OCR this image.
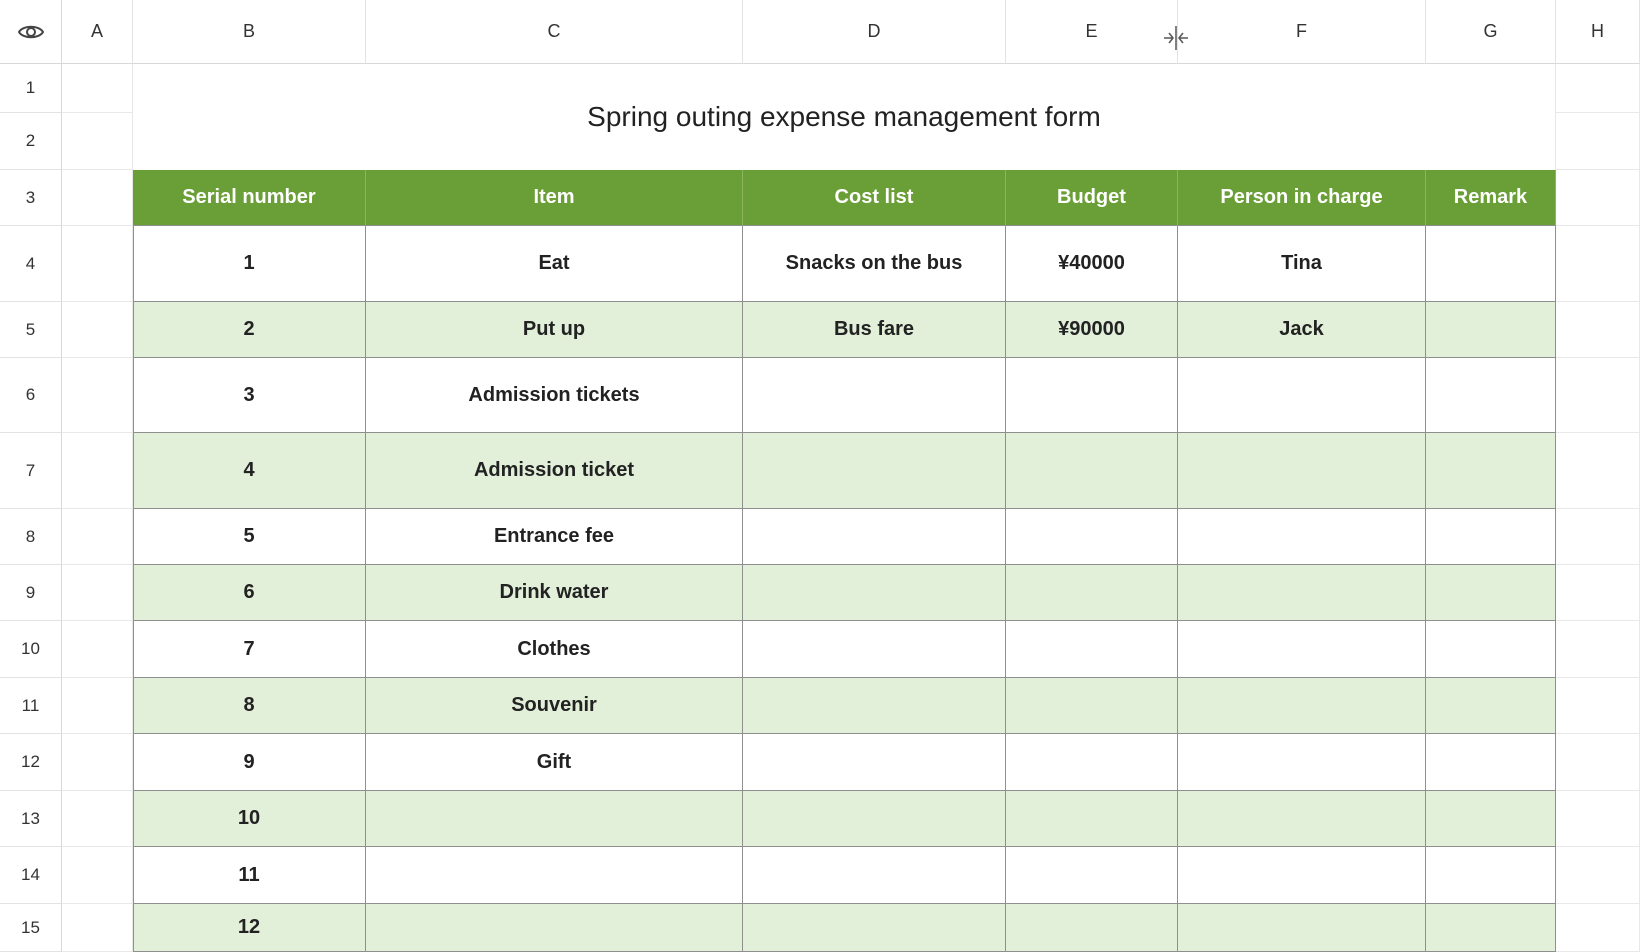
A	B	C	D	E	F	G	H
1
2
3
4
5
6
7
8
9
10
11
12
13
14
15
Spring outing expense management form
Serial number	Item	Cost list	Budget	Person in charge	Remark
1	Eat	Snacks on the bus	¥40000	Tina
2	Put up	Bus fare	¥90000	Jack
3	Admission tickets
4	Admission ticket
5	Entrance fee
6	Drink water
7	Clothes
8	Souvenir
9	Gift
10
11
12
